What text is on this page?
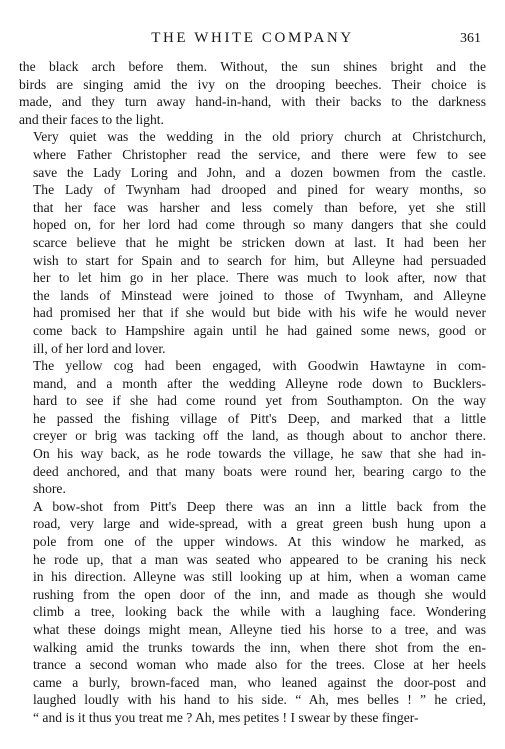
THE WHITE COMPANY	361

the black arch before them. Without, the sun shines bright and the
birds are singing amid the ivy on the drooping beeches. Their choice is
made, and they turn away hand-in-hand, with their backs to the darkness
and their faces to the light.

Very quiet was the wedding in the old priory church at Christchurch,
where Father Christopher read the service, and there were few to see
save the Lady Loring and John, and a dozen bowmen from the castle.
The Lady of Twynham had drooped and pined for weary months, so
that her face was harsher and less comely than before, yet she still
hoped on, for her lord had come through so many dangers that she could
scarce believe that he might be stricken down at last. It had been her
wish to start for Spain and to search for him, but Alleyne had persuaded
her to let him go in her place. There was much to look after, now that
the lands of Minstead were joined to those of Twynham, and Alleyne
had promised her that if she would but bide with his wife he would never
come back to Hampshire again until he had gained some news, good or
ill, of her lord and lover.

The yellow cog had been engaged, with Goodwin Hawtayne in com-
mand, and a month after the wedding Alleyne rode down to Bucklers-
hard to see if she had come round yet from Southampton. On the way
he passed the fishing village of Pitt's Deep, and marked that a little
creyer or brig was tacking off the land, as though about to anchor there.
On his way back, as he rode towards the village, he saw that she had in-
deed anchored, and that many boats were round her, bearing cargo to the
shore.

A bow-shot from Pitt's Deep there was an inn a little back from the
road, very large and wide-spread, with a great green bush hung upon a
pole from one of the upper windows. At this window he marked, as
he rode up, that a man was seated who appeared to be craning his neck
in his direction. Alleyne was still looking up at him, when a woman came
rushing from the open door of the inn, and made as though she would
climb a tree, looking back the while with a laughing face. Wondering
what these doings might mean, Alleyne tied his horse to a tree, and was
walking amid the trunks towards the inn, when there shot from the en-
trance a second woman who made also for the trees. Close at her heels
came a burly, brown-faced man, who leaned against the door-post and
laughed loudly with his hand to his side. “ Ah, mes belles ! ” he cried,
“ and is it thus you treat me ? Ah, mes petites ! I swear by these finger-
